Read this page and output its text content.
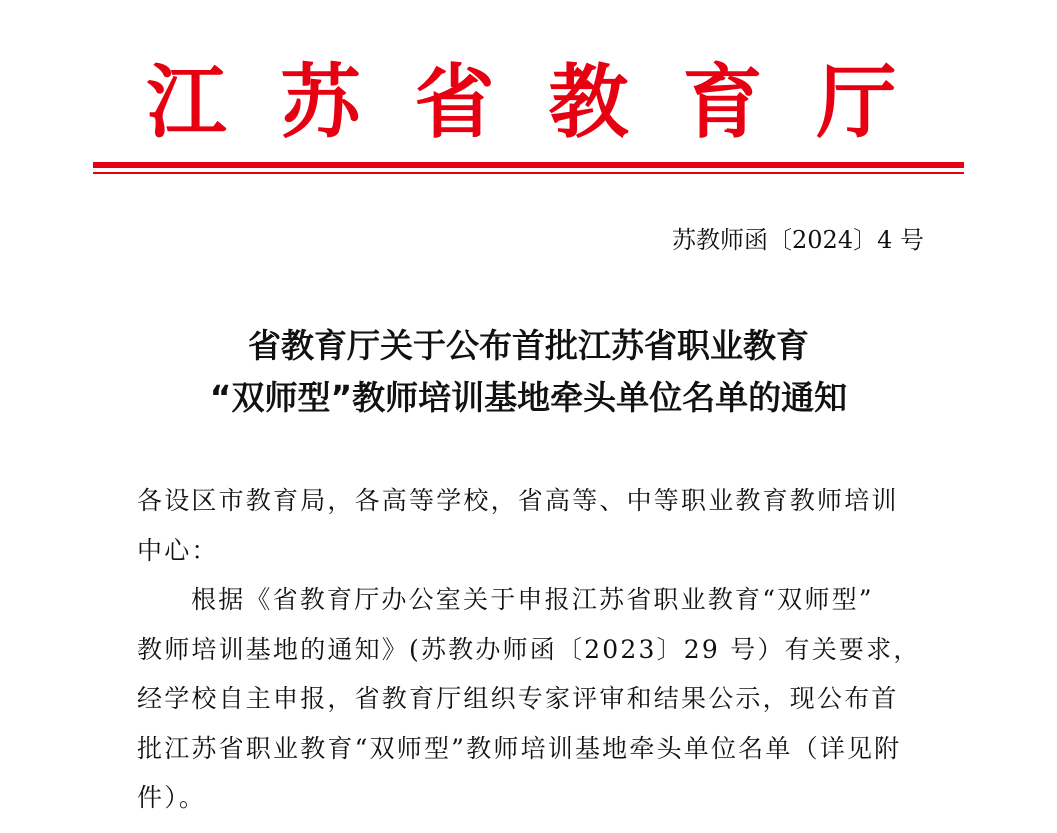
江苏省教育厅
苏教师函〔2024〕4 号
省教育厅关于公布首批江苏省职业教育
“双师型”教师培训基地牵头单位名单的通知

各设区市教育局，各高等学校，省高等、中等职业教育教师培训

中心：

根据《省教育厅办公室关于申报江苏省职业教育“双师型”

教师培训基地的通知》(苏教办师函〔2023〕29 号）有关要求，

经学校自主申报，省教育厅组织专家评审和结果公示，现公布首

批江苏省职业教育“双师型”教师培训基地牵头单位名单（详见附

件）。
